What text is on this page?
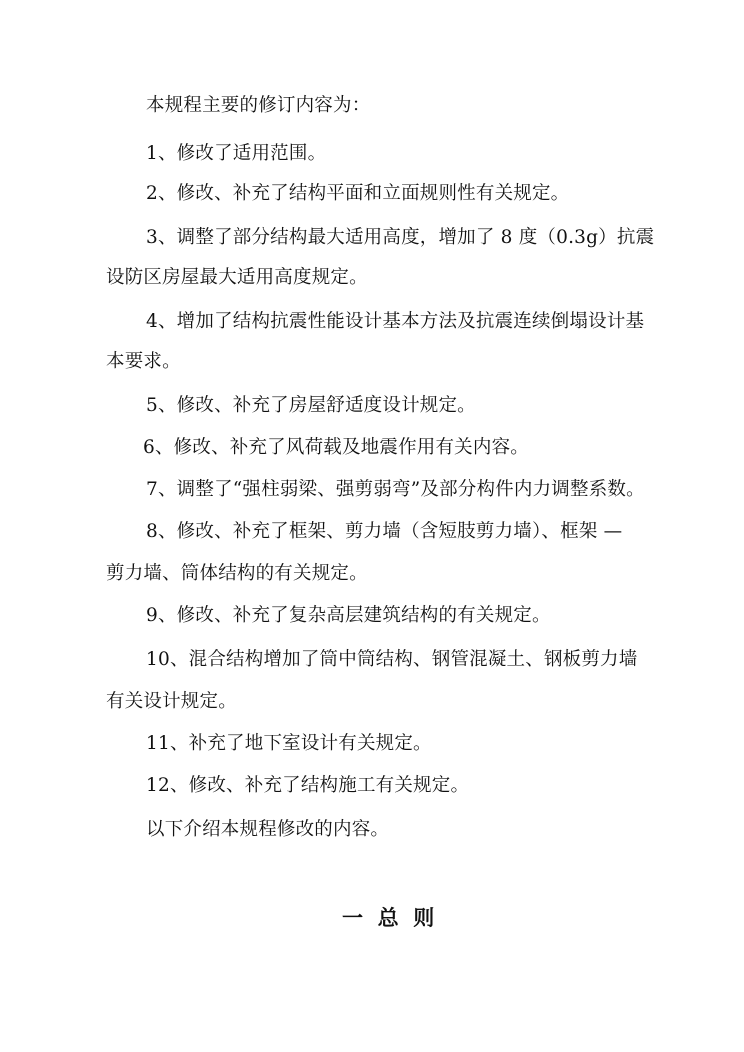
本规程主要的修订内容为：
1、修改了适用范围。
2、修改、补充了结构平面和立面规则性有关规定。
3、调整了部分结构最大适用高度，增加了 8 度（0.3g）抗震
设防区房屋最大适用高度规定。
4、增加了结构抗震性能设计基本方法及抗震连续倒塌设计基
本要求。
5、修改、补充了房屋舒适度设计规定。
6、修改、补充了风荷载及地震作用有关内容。
7、调整了“强柱弱梁、强剪弱弯”及部分构件内力调整系数。
8、修改、补充了框架、剪力墙（含短肢剪力墙）、框架 —
剪力墙、筒体结构的有关规定。
9、修改、补充了复杂高层建筑结构的有关规定。
10、混合结构增加了筒中筒结构、钢管混凝土、钢板剪力墙
有关设计规定。
11、补充了地下室设计有关规定。
12、修改、补充了结构施工有关规定。
以下介绍本规程修改的内容。
一  总  则
